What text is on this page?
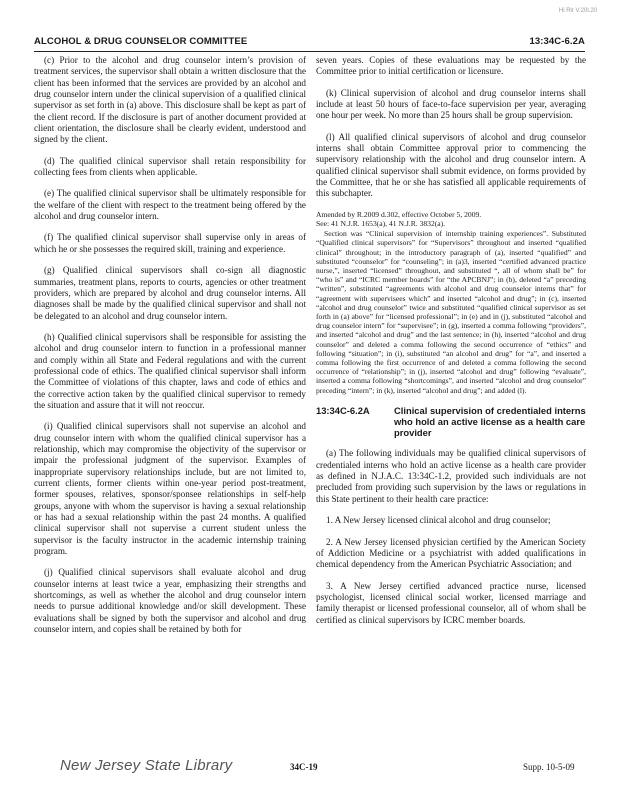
Hi Rlr V.20l.20
ALCOHOL & DRUG COUNSELOR COMMITTEE	13:34C-6.2A

(c) Prior to the alcohol and drug counselor intern’s provision of treatment services, the supervisor shall obtain a written disclosure that the client has been informed that the services are provided by an alcohol and drug counselor intern under the clinical supervision of a qualified clinical supervisor as set forth in (a) above. This disclosure shall be kept as part of the client record. If the disclosure is part of another document provided at client orientation, the disclosure shall be clearly evident, understood and signed by the client.

(d) The qualified clinical supervisor shall retain responsibility for collecting fees from clients when applicable.

(e) The qualified clinical supervisor shall be ultimately responsible for the welfare of the client with respect to the treatment being offered by the alcohol and drug counselor intern.

(f) The qualified clinical supervisor shall supervise only in areas of which he or she possesses the required skill, training and experience.

(g) Qualified clinical supervisors shall co-sign all diagnostic summaries, treatment plans, reports to courts, agencies or other treatment providers, which are prepared by alcohol and drug counselor interns. All diagnoses shall be made by the qualified clinical supervisor and shall not be delegated to an alcohol and drug counselor intern.

(h) Qualified clinical supervisors shall be responsible for assisting the alcohol and drug counselor intern to function in a professional manner and comply within all State and Federal regulations and with the current professional code of ethics. The qualified clinical supervisor shall inform the Committee of violations of this chapter, laws and code of ethics and the corrective action taken by the qualified clinical supervisor to remedy the situation and assure that it will not reoccur.

(i) Qualified clinical supervisors shall not supervise an alcohol and drug counselor intern with whom the qualified clinical supervisor has a relationship, which may compromise the objectivity of the supervisor or impair the professional judgment of the supervisor. Examples of inappropriate supervisory relationships include, but are not limited to, current clients, former clients within one-year period post-treatment, former spouses, relatives, sponsor/sponsee relationships in self-help groups, anyone with whom the supervisor is having a sexual relationship or has had a sexual relationship within the past 24 months. A qualified clinical supervisor shall not supervise a current student unless the supervisor is the faculty instructor in the academic internship training program.

(j) Qualified clinical supervisors shall evaluate alcohol and drug counselor interns at least twice a year, emphasizing their strengths and shortcomings, as well as whether the alcohol and drug counselor intern needs to pursue additional knowledge and/or skill development. These evaluations shall be signed by both the supervisor and alcohol and drug counselor intern, and copies shall be retained by both for

seven years. Copies of these evaluations may be requested by the Committee prior to initial certification or licensure.

(k) Clinical supervision of alcohol and drug counselor interns shall include at least 50 hours of face-to-face supervision per year, averaging one hour per week. No more than 25 hours shall be group supervision.

(l) All qualified clinical supervisors of alcohol and drug counselor interns shall obtain Committee approval prior to commencing the supervisory relationship with the alcohol and drug counselor intern. A qualified clinical supervisor shall submit evidence, on forms provided by the Committee, that he or she has satisfied all applicable requirements of this subchapter.

Amended by R.2009 d.302, effective October 5, 2009.

See: 41 N.J.R. 1653(a), 41 N.J.R. 3832(a).

Section was “Clinical supervision of internship training experiences”. Substituted “Qualified clinical supervisors” for “Supervisors” throughout and inserted “qualified clinical” throughout; in the introductory paragraph of (a), inserted “qualified” and substituted “counselor” for “counseling”; in (a)3, inserted “certified advanced practice nurse,”, inserted “licensed” throughout, and substituted “, all of whom shall be” for “who is” and “ICRC member boards” for “the APCBNJ”; in (b), deleted “a” preceding “written”, substituted “agreements with alcohol and drug counselor interns that” for “agreement with supervisees which” and inserted “alcohol and drug”; in (c), inserted “alcohol and drug counselor” twice and substituted “qualified clinical supervisor as set forth in (a) above” for “licensed professional”; in (e) and in (j), substituted “alcohol and drug counselor intern” for “supervisee”; in (g), inserted a comma following “providers”, and inserted “alcohol and drug” and the last sentence; in (h), inserted “alcohol and drug counselor” and deleted a comma following the second occurrence of “ethics” and following “situation”; in (i), substituted “an alcohol and drug” for “a”, and inserted a comma following the first occurrence of and deleted a comma following the second occurrence of “relationship”; in (j), inserted “alcohol and drug” following “evaluate”, inserted a comma following “shortcomings”, and inserted “alcohol and drug counselor” preceding “intern”; in (k), inserted “alcohol and drug”; and added (l).

13:34C-6.2A	Clinical supervision of credentialed interns who hold an active license as a health care provider

(a) The following individuals may be qualified clinical supervisors of credentialed interns who hold an active license as a health care provider as defined in N.J.A.C. 13:34C-1.2, provided such individuals are not precluded from providing such supervision by the laws or regulations in this State pertinent to their health care practice:

1. A New Jersey licensed clinical alcohol and drug counselor;

2. A New Jersey licensed physician certified by the American Society of Addiction Medicine or a psychiatrist with added qualifications in chemical dependency from the American Psychiatric Association; and

3. A New Jersey certified advanced practice nurse, licensed psychologist, licensed clinical social worker, licensed marriage and family therapist or licensed professional counselor, all of whom shall be certified as clinical supervisors by ICRC member boards.

New Jersey State Library	34C-19	Supp. 10-5-09
